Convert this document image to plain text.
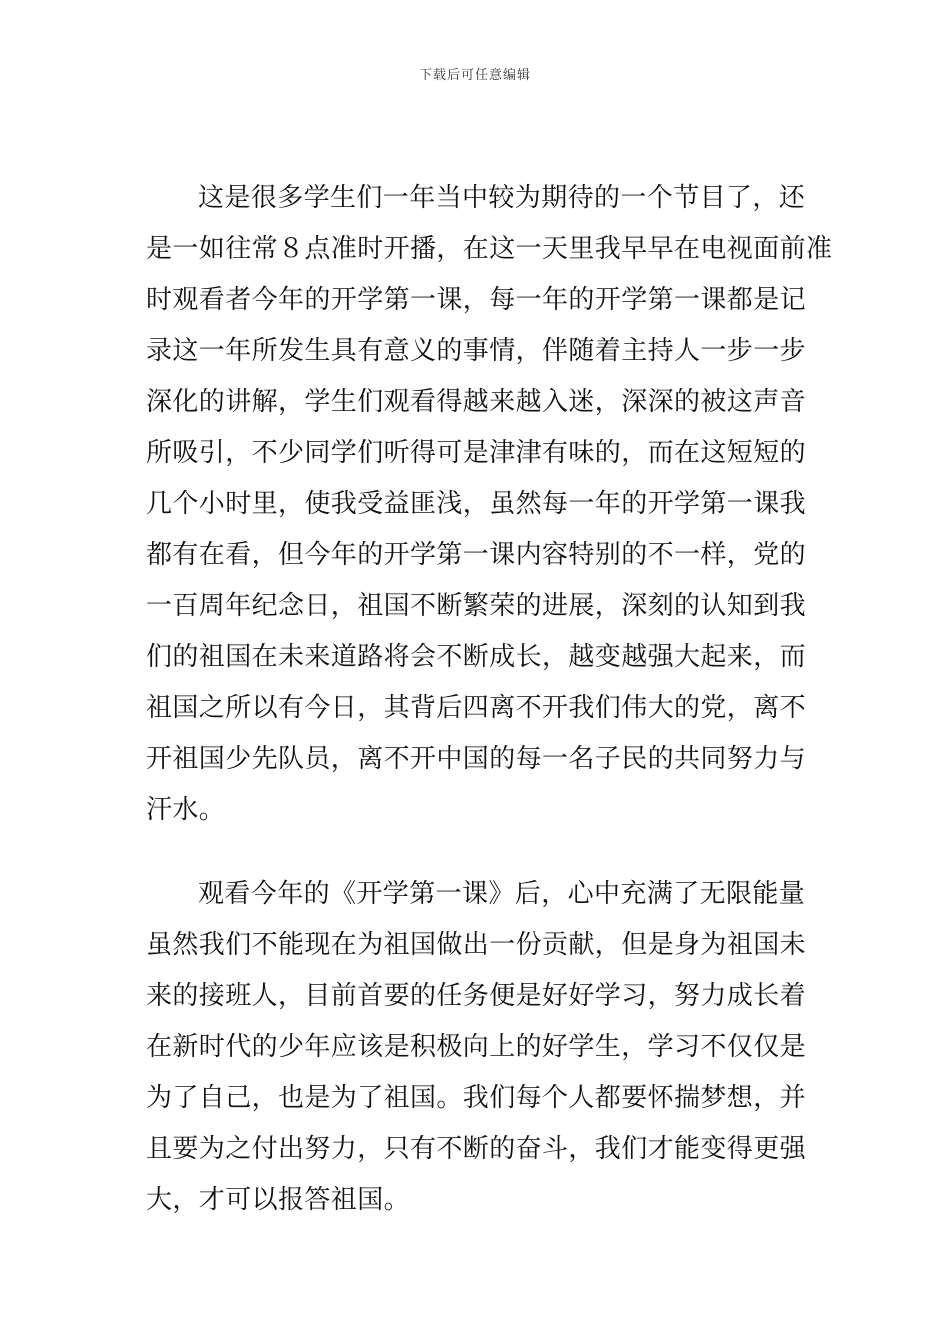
下载后可任意编辑
这是很多学生们一年当中较为期待的一个节目了，还
是一如往常８点准时开播，在这一天里我早早在电视面前准
时观看者今年的开学第一课，每一年的开学第一课都是记
录这一年所发生具有意义的事情，伴随着主持人一步一步
深化的讲解，学生们观看得越来越入迷，深深的被这声音
所吸引，不少同学们听得可是津津有味的，而在这短短的
几个小时里，使我受益匪浅，虽然每一年的开学第一课我
都有在看，但今年的开学第一课内容特别的不一样，党的
一百周年纪念日，祖国不断繁荣的进展，深刻的认知到我
们的祖国在未来道路将会不断成长，越变越强大起来，而
祖国之所以有今日，其背后四离不开我们伟大的党，离不
开祖国少先队员，离不开中国的每一名子民的共同努力与
汗水。
观看今年的《开学第一课》后，心中充满了无限能量
虽然我们不能现在为祖国做出一份贡献，但是身为祖国未
来的接班人，目前首要的任务便是好好学习，努力成长着
在新时代的少年应该是积极向上的好学生，学习不仅仅是
为了自己，也是为了祖国。我们每个人都要怀揣梦想，并
且要为之付出努力，只有不断的奋斗，我们才能变得更强
大，才可以报答祖国。
